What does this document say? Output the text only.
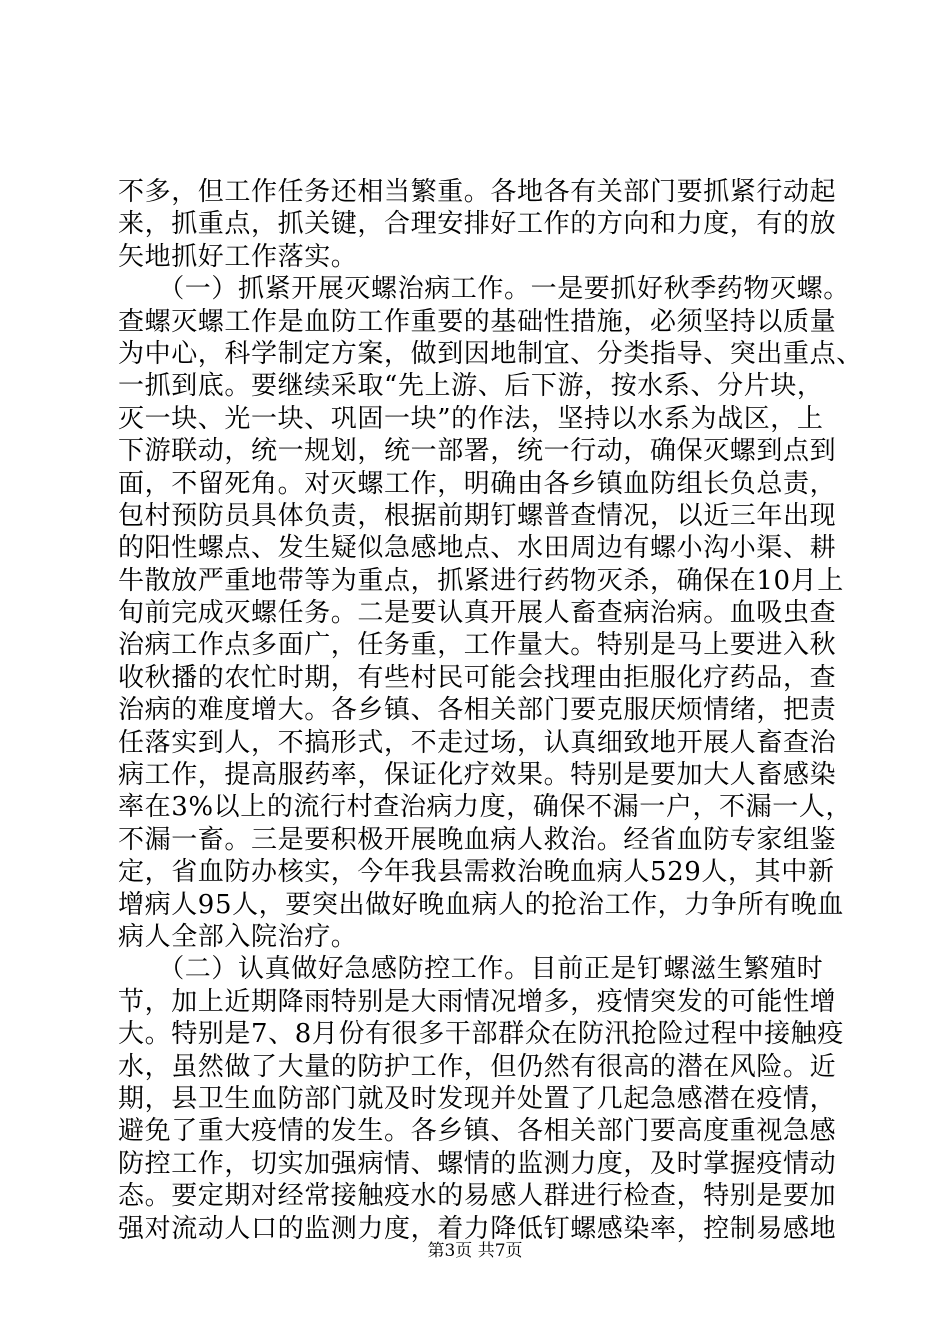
不多，但工作任务还相当繁重。各地各有关部门要抓紧行动起
来，抓重点，抓关键，合理安排好工作的方向和力度，有的放
矢地抓好工作落实。
　　（一）抓紧开展灭螺治病工作。一是要抓好秋季药物灭螺。
查螺灭螺工作是血防工作重要的基础性措施，必须坚持以质量
为中心，科学制定方案，做到因地制宜、分类指导、突出重点、
一抓到底。要继续采取“先上游、后下游，按水系、分片块，
灭一块、光一块、巩固一块”的作法，坚持以水系为战区，上
下游联动，统一规划，统一部署，统一行动，确保灭螺到点到
面，不留死角。对灭螺工作，明确由各乡镇血防组长负总责，
包村预防员具体负责，根据前期钉螺普查情况，以近三年出现
的阳性螺点、发生疑似急感地点、水田周边有螺小沟小渠、耕
牛散放严重地带等为重点，抓紧进行药物灭杀，确保在10月上
旬前完成灭螺任务。二是要认真开展人畜查病治病。血吸虫查
治病工作点多面广，任务重，工作量大。特别是马上要进入秋
收秋播的农忙时期，有些村民可能会找理由拒服化疗药品，查
治病的难度增大。各乡镇、各相关部门要克服厌烦情绪，把责
任落实到人，不搞形式，不走过场，认真细致地开展人畜查治
病工作，提高服药率，保证化疗效果。特别是要加大人畜感染
率在3%以上的流行村查治病力度，确保不漏一户，不漏一人，
不漏一畜。三是要积极开展晚血病人救治。经省血防专家组鉴
定，省血防办核实，今年我县需救治晚血病人529人，其中新
增病人95人，要突出做好晚血病人的抢治工作，力争所有晚血
病人全部入院治疗。
　　（二）认真做好急感防控工作。目前正是钉螺滋生繁殖时
节，加上近期降雨特别是大雨情况增多，疫情突发的可能性增
大。特别是7、8月份有很多干部群众在防汛抢险过程中接触疫
水，虽然做了大量的防护工作，但仍然有很高的潜在风险。近
期，县卫生血防部门就及时发现并处置了几起急感潜在疫情，
避免了重大疫情的发生。各乡镇、各相关部门要高度重视急感
防控工作，切实加强病情、螺情的监测力度，及时掌握疫情动
态。要定期对经常接触疫水的易感人群进行检查，特别是要加
强对流动人口的监测力度，着力降低钉螺感染率，控制易感地
第3页 共7页
